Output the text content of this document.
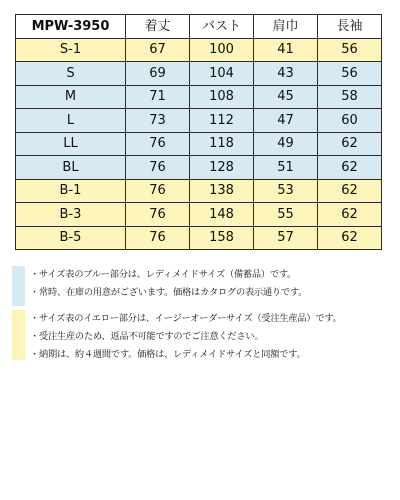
MPW-3950	着丈	バスト	肩巾	長袖
S-1	67	100	41	56
S	69	104	43	56
M	71	108	45	58
L	73	112	47	60
LL	76	118	49	62
BL	76	128	51	62
B-1	76	138	53	62
B-3	76	148	55	62
B-5	76	158	57	62
・サイズ表のブルー部分は、レディメイドサイズ（備蓄品）です。
・常時、在庫の用意がございます。価格はカタログの表示通りです。
・サイズ表のイエロー部分は、イージーオーダーサイズ（受注生産品）です。
・受注生産のため、返品不可能ですのでご注意ください。
・納期は、約４週間です。価格は、レディメイドサイズと同額です。
